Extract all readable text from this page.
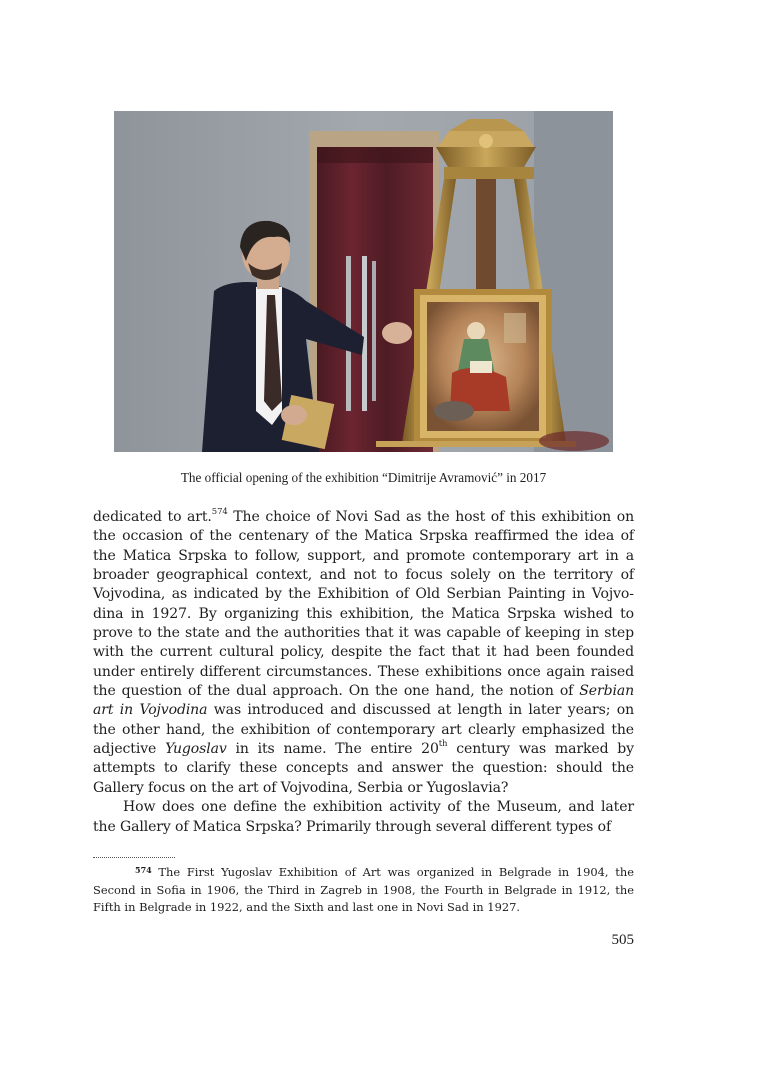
The official opening of the exhibition “Dimitrije Avramović” in 2017

dedicated to art.$^{574}$ The choice of Novi Sad as the host of this exhibition on the occasion of the centenary of the Matica Srpska reaffirmed the idea of the Matica Srpska to follow, support, and promote contemporary art in a broader geographical context, and not to focus solely on the territory of Vojvodina, as indicated by the Exhibition of Old Serbian Painting in Vojvodina in 1927. By organizing this exhibition, the Matica Srpska wished to prove to the state and the authorities that it was capable of keeping in step with the current cultural policy, despite the fact that it had been founded under entirely different circumstances. These exhibitions once again raised the question of the dual approach. On the one hand, the notion of Serbian art in Vojvodina was introduced and discussed at length in later years; on the other hand, the exhibition of contemporary art clearly emphasized the adjective Yugoslav in its name. The entire 20th century was marked by attempts to clarify these concepts and answer the question: should the Gallery focus on the art of Vojvodina, Serbia or Yugoslavia?

How does one define the exhibition activity of the Museum, and later the Gallery of Matica Srpska? Primarily through several different types of

$^{574}$ The First Yugoslav Exhibition of Art was organized in Belgrade in 1904, the Second in Sofia in 1906, the Third in Zagreb in 1908, the Fourth in Belgrade in 1912, the Fifth in Belgrade in 1922, and the Sixth and last one in Novi Sad in 1927.
505
